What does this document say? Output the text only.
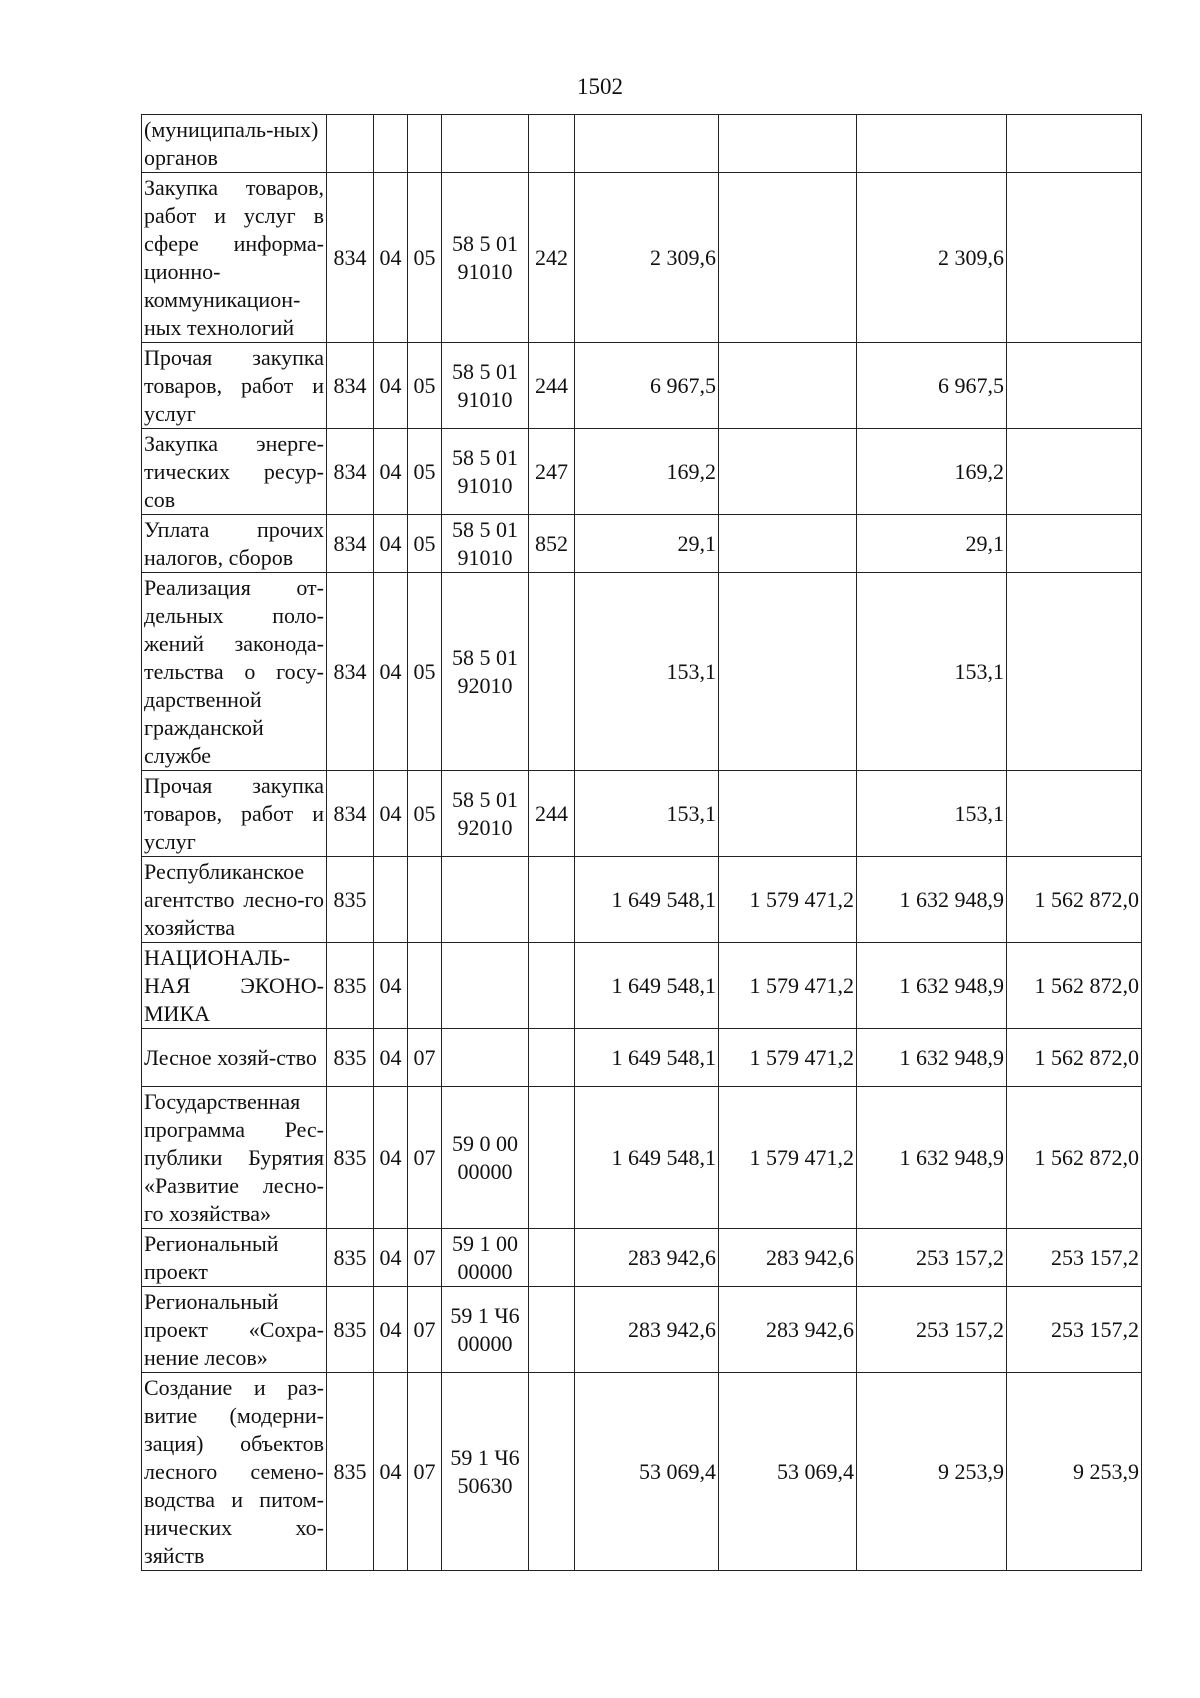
1502
(муниципаль-ных) органов									
Закупка товаров, работ и услуг в сфере информа-ционно-коммуникацион-ных технологий	834	04	05	58 5 01 91010	242	2 309,6		2 309,6	
Прочая закупка товаров, работ и услуг	834	04	05	58 5 01 91010	244	6 967,5		6 967,5	
Закупка энерге-тических ресур-сов	834	04	05	58 5 01 91010	247	169,2		169,2	
Уплата прочих налогов, сборов	834	04	05	58 5 01 91010	852	29,1		29,1	
Реализация от-дельных поло-жений законода-тельства о госу-дарственной гражданской службе	834	04	05	58 5 01 92010		153,1		153,1	
Прочая закупка товаров, работ и услуг	834	04	05	58 5 01 92010	244	153,1		153,1	
Республиканское агентство лесно-го хозяйства	835					1 649 548,1	1 579 471,2	1 632 948,9	1 562 872,0
НАЦИОНАЛЬ-НАЯ ЭКОНО-МИКА	835	04				1 649 548,1	1 579 471,2	1 632 948,9	1 562 872,0
Лесное хозяй-ство	835	04	07			1 649 548,1	1 579 471,2	1 632 948,9	1 562 872,0
Государственная программа Рес-публики Бурятия «Развитие лесно-го хозяйства»	835	04	07	59 0 00 00000		1 649 548,1	1 579 471,2	1 632 948,9	1 562 872,0
Региональный проект	835	04	07	59 1 00 00000		283 942,6	283 942,6	253 157,2	253 157,2
Региональный проект «Сохра-нение лесов»	835	04	07	59 1 Ч6 00000		283 942,6	283 942,6	253 157,2	253 157,2
Создание и раз-витие (модерни-зация) объектов лесного семено-водства и питом-нических хо-зяйств	835	04	07	59 1 Ч6 50630		53 069,4	53 069,4	9 253,9	9 253,9
